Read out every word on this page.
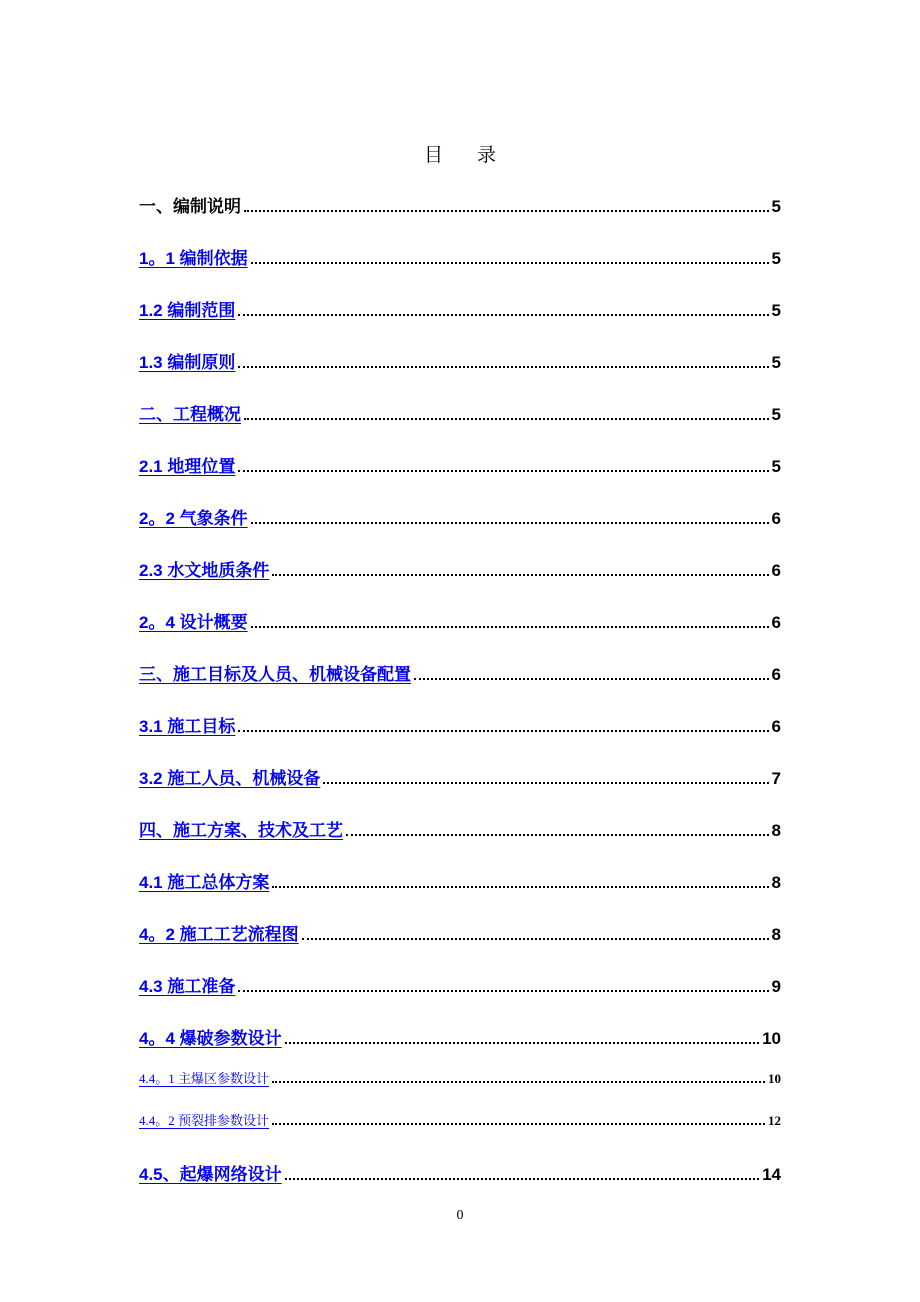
目 录
一、编制说明	5
1。1 编制依据	5
1.2 编制范围	5
1.3 编制原则	5
二、工程概况	5
2.1 地理位置	5
2。2 气象条件	6
2.3 水文地质条件	6
2。4 设计概要	6
三、施工目标及人员、机械设备配置	6
3.1 施工目标	6
3.2 施工人员、机械设备	7
四、施工方案、技术及工艺	8
4.1 施工总体方案	8
4。2 施工工艺流程图	8
4.3 施工准备	9
4。4 爆破参数设计	10
4.4。1 主爆区参数设计	10
4.4。2 预裂排参数设计	12
4.5、起爆网络设计	14
0
